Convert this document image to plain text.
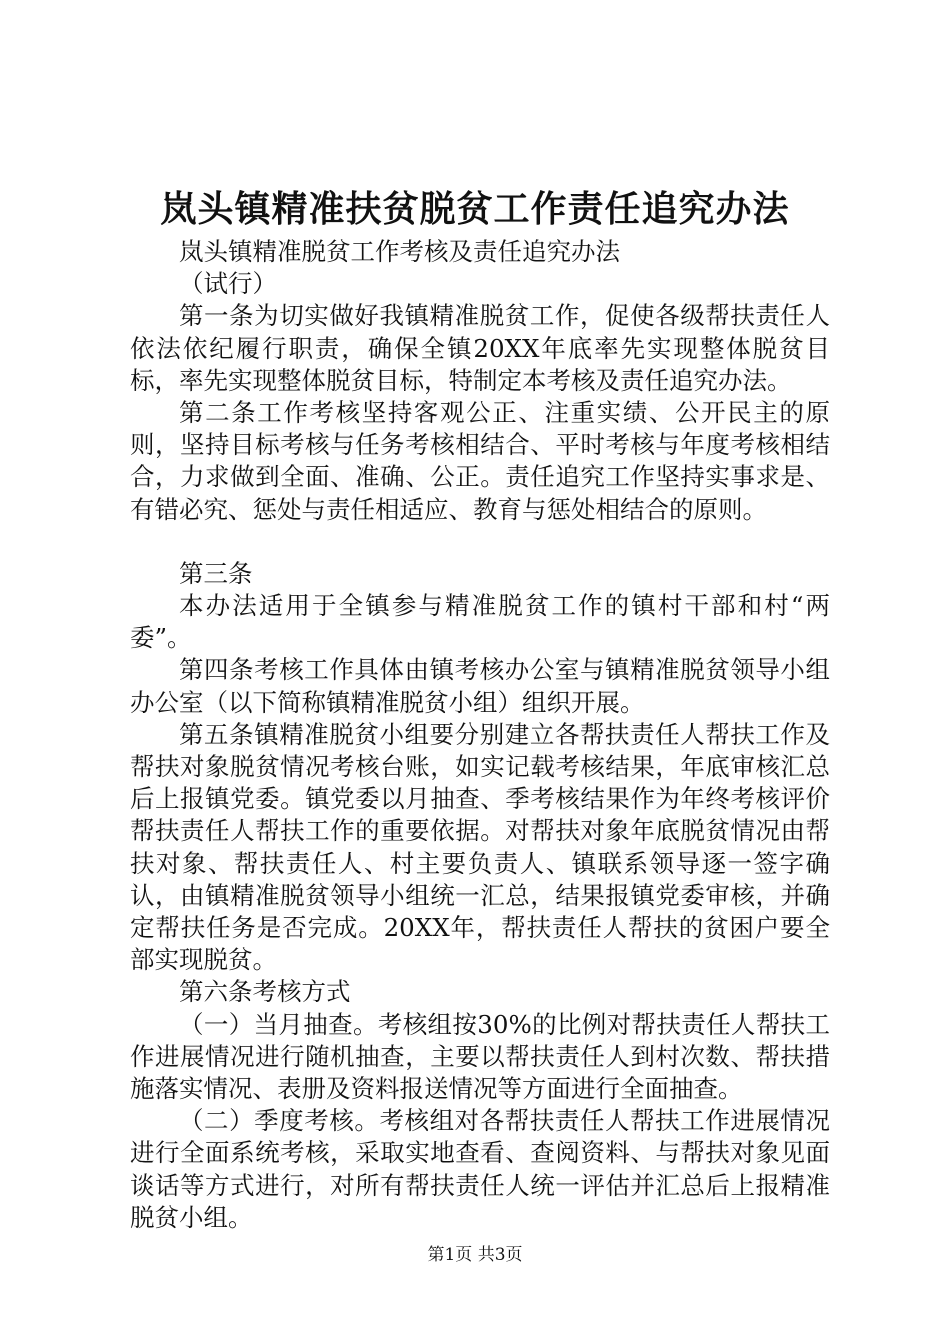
岚头镇精准扶贫脱贫工作责任追究办法

岚头镇精准脱贫工作考核及责任追究办法

（试行）

第一条为切实做好我镇精准脱贫工作，促使各级帮扶责任人依法依纪履行职责，确保全镇20XX年底率先实现整体脱贫目标，率先实现整体脱贫目标，特制定本考核及责任追究办法。

第二条工作考核坚持客观公正、注重实绩、公开民主的原则，坚持目标考核与任务考核相结合、平时考核与年度考核相结合，力求做到全面、准确、公正。责任追究工作坚持实事求是、有错必究、惩处与责任相适应、教育与惩处相结合的原则。

第三条

本办法适用于全镇参与精准脱贫工作的镇村干部和村“两委”。

第四条考核工作具体由镇考核办公室与镇精准脱贫领导小组办公室（以下简称镇精准脱贫小组）组织开展。

第五条镇精准脱贫小组要分别建立各帮扶责任人帮扶工作及帮扶对象脱贫情况考核台账，如实记载考核结果，年底审核汇总后上报镇党委。镇党委以月抽查、季考核结果作为年终考核评价帮扶责任人帮扶工作的重要依据。对帮扶对象年底脱贫情况由帮扶对象、帮扶责任人、村主要负责人、镇联系领导逐一签字确认，由镇精准脱贫领导小组统一汇总，结果报镇党委审核，并确定帮扶任务是否完成。20XX年，帮扶责任人帮扶的贫困户要全部实现脱贫。

第六条考核方式

（一）当月抽查。考核组按30%的比例对帮扶责任人帮扶工作进展情况进行随机抽查，主要以帮扶责任人到村次数、帮扶措施落实情况、表册及资料报送情况等方面进行全面抽查。

（二）季度考核。考核组对各帮扶责任人帮扶工作进展情况进行全面系统考核，采取实地查看、查阅资料、与帮扶对象见面谈话等方式进行，对所有帮扶责任人统一评估并汇总后上报精准脱贫小组。

第1页 共3页
